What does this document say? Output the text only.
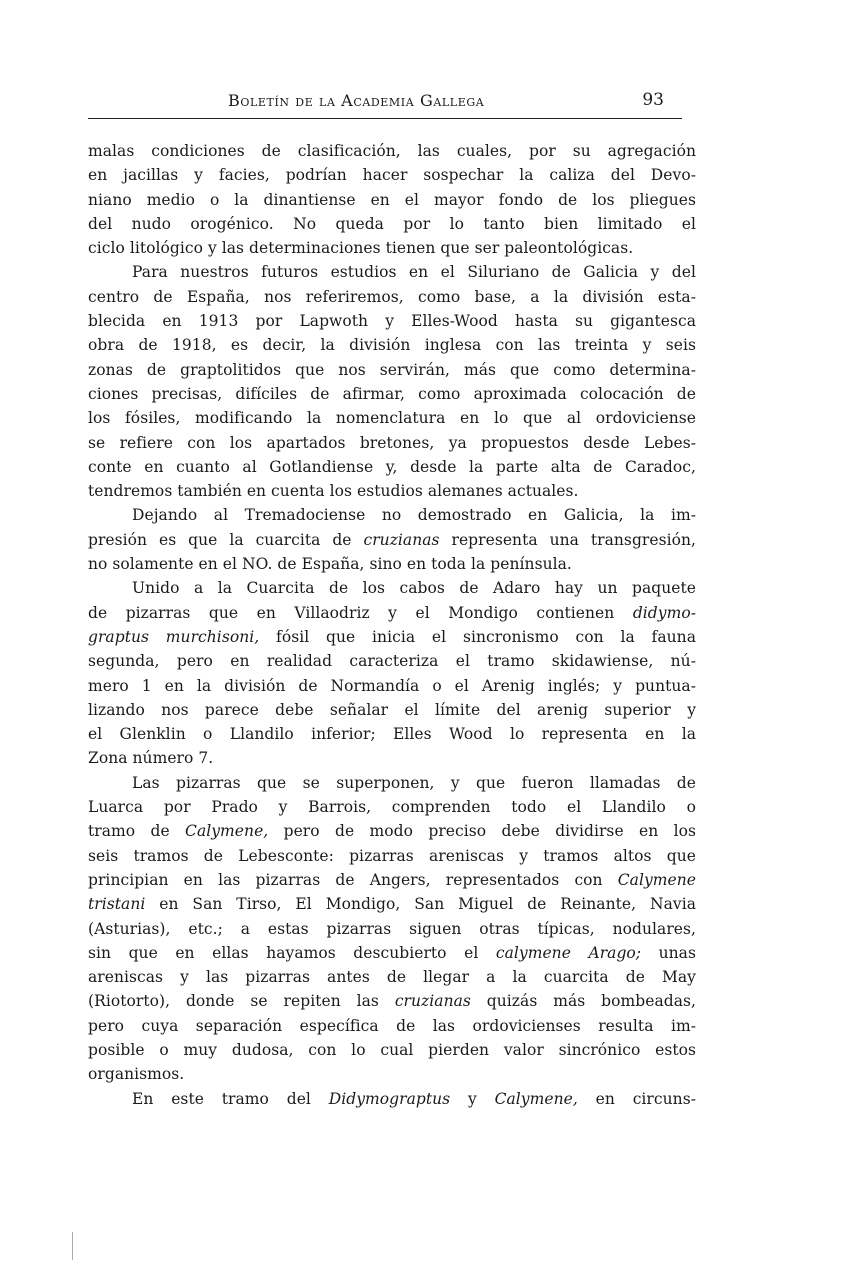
Boletín de la Academia Gallega	93
malas condiciones de clasificación, las cuales, por su agregación
en jacillas y facies, podrían hacer sospechar la caliza del Devo-
niano medio o la dinantiense en el mayor fondo de los pliegues
del nudo orogénico. No queda por lo tanto bien limitado el
ciclo litológico y las determinaciones tienen que ser paleontológicas.
Para nuestros futuros estudios en el Siluriano de Galicia y del
centro de España, nos referiremos, como base, a la división esta-
blecida en 1913 por Lapwoth y Elles-Wood hasta su gigantesca
obra de 1918, es decir, la división inglesa con las treinta y seis
zonas de graptolitidos que nos servirán, más que como determina-
ciones precisas, difíciles de afirmar, como aproximada colocación de
los fósiles, modificando la nomenclatura en lo que al ordoviciense
se refiere con los apartados bretones, ya propuestos desde Lebes-
conte en cuanto al Gotlandiense y, desde la parte alta de Caradoc,
tendremos también en cuenta los estudios alemanes actuales.
Dejando al Tremadociense no demostrado en Galicia, la im-
presión es que la cuarcita de cruzianas representa una transgresión,
no solamente en el NO. de España, sino en toda la península.
Unido a la Cuarcita de los cabos de Adaro hay un paquete
de pizarras que en Villaodriz y el Mondigo contienen didymo-
graptus murchisoni, fósil que inicia el sincronismo con la fauna
segunda, pero en realidad caracteriza el tramo skidawiense, nú-
mero 1 en la división de Normandía o el Arenig inglés; y puntua-
lizando nos parece debe señalar el límite del arenig superior y
el Glenklin o Llandilo inferior; Elles Wood lo representa en la
Zona número 7.
Las pizarras que se superponen, y que fueron llamadas de
Luarca por Prado y Barrois, comprenden todo el Llandilo o
tramo de Calymene, pero de modo preciso debe dividirse en los
seis tramos de Lebesconte: pizarras areniscas y tramos altos que
principian en las pizarras de Angers, representados con Calymene
tristani en San Tirso, El Mondigo, San Miguel de Reinante, Navia
(Asturias), etc.; a estas pizarras siguen otras típicas, nodulares,
sin que en ellas hayamos descubierto el calymene Arago; unas
areniscas y las pizarras antes de llegar a la cuarcita de May
(Riotorto), donde se repiten las cruzianas quizás más bombeadas,
pero cuya separación específica de las ordovicienses resulta im-
posible o muy dudosa, con lo cual pierden valor sincrónico estos
organismos.
En este tramo del Didymograptus y Calymene, en circuns-
